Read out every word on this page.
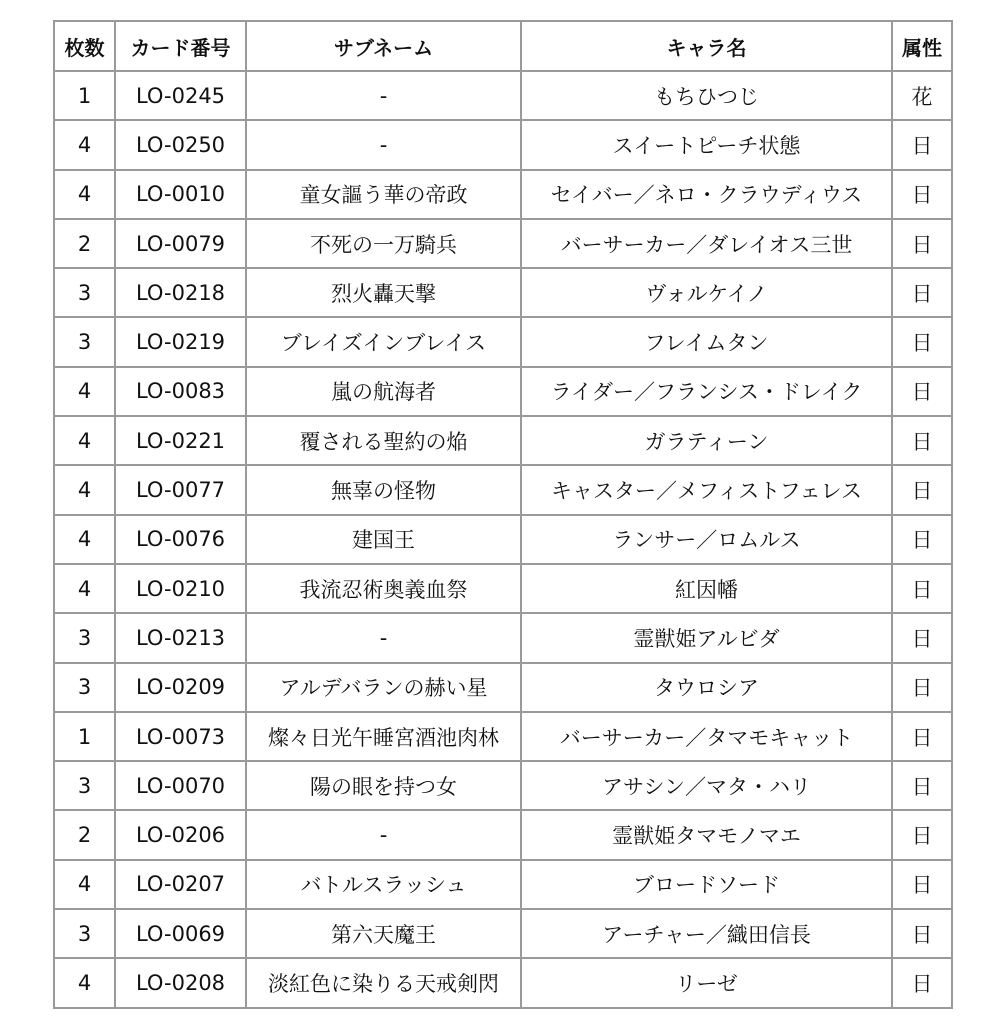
枚数	カード番号	サブネーム	キャラ名	属性
1	LO-0245	-	もちひつじ	花
4	LO-0250	-	スイートピーチ状態	日
4	LO-0010	童女謳う華の帝政	セイバー／ネロ・クラウディウス	日
2	LO-0079	不死の一万騎兵	バーサーカー／ダレイオス三世	日
3	LO-0218	烈火轟天撃	ヴォルケイノ	日
3	LO-0219	ブレイズインブレイス	フレイムタン	日
4	LO-0083	嵐の航海者	ライダー／フランシス・ドレイク	日
4	LO-0221	覆される聖約の焔	ガラティーン	日
4	LO-0077	無辜の怪物	キャスター／メフィストフェレス	日
4	LO-0076	建国王	ランサー／ロムルス	日
4	LO-0210	我流忍術奥義血祭	紅因幡	日
3	LO-0213	-	霊獣姫アルビダ	日
3	LO-0209	アルデバランの赫い星	タウロシア	日
1	LO-0073	燦々日光午睡宮酒池肉林	バーサーカー／タマモキャット	日
3	LO-0070	陽の眼を持つ女	アサシン／マタ・ハリ	日
2	LO-0206	-	霊獣姫タマモノマエ	日
4	LO-0207	バトルスラッシュ	ブロードソード	日
3	LO-0069	第六天魔王	アーチャー／織田信長	日
4	LO-0208	淡紅色に染りる天戒剣閃	リーゼ	日
